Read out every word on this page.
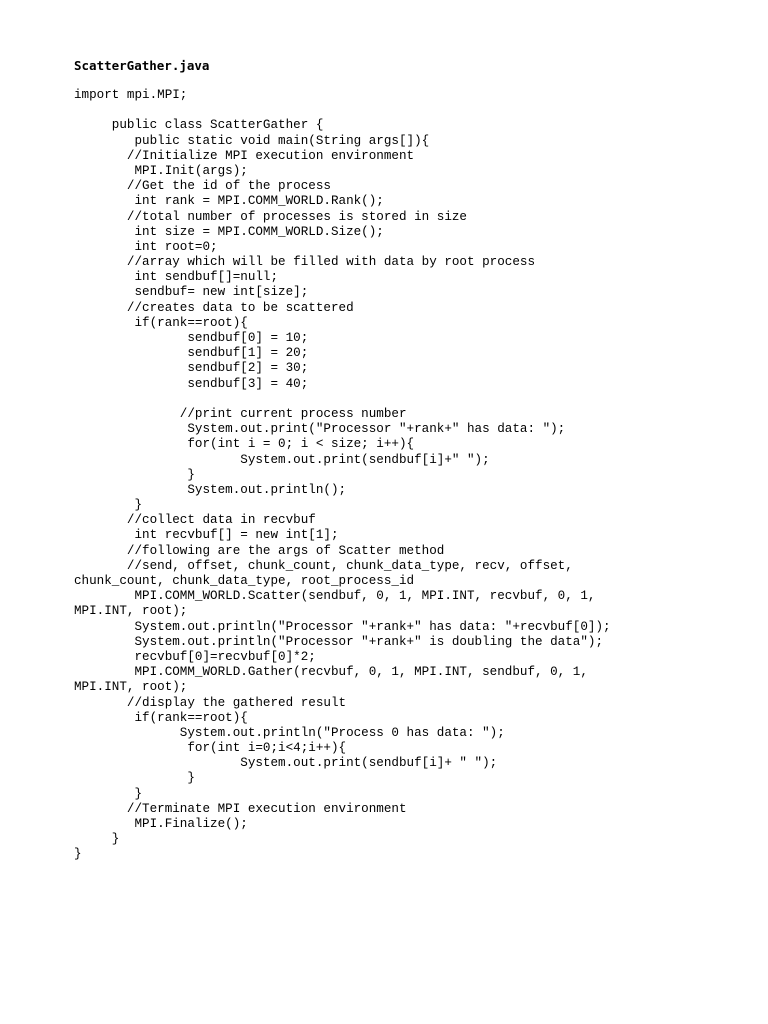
ScatterGather.java
import mpi.MPI;
public class ScatterGather {
public static void main(String args[]){
//Initialize MPI execution environment
MPI.Init(args);
//Get the id of the process
int rank = MPI.COMM_WORLD.Rank();
//total number of processes is stored in size
int size = MPI.COMM_WORLD.Size();
int root=0;
//array which will be filled with data by root process
int sendbuf[]=null;
sendbuf= new int[size];
//creates data to be scattered
if(rank==root){
sendbuf[0] = 10;
sendbuf[1] = 20;
sendbuf[2] = 30;
sendbuf[3] = 40;
//print current process number
System.out.print("Processor "+rank+" has data: ");
for(int i = 0; i < size; i++){
System.out.print(sendbuf[i]+" ");
}
System.out.println();
}
//collect data in recvbuf
int recvbuf[] = new int[1];
//following are the args of Scatter method
//send, offset, chunk_count, chunk_data_type, recv, offset,
chunk_count, chunk_data_type, root_process_id
MPI.COMM_WORLD.Scatter(sendbuf, 0, 1, MPI.INT, recvbuf, 0, 1,
MPI.INT, root);
System.out.println("Processor "+rank+" has data: "+recvbuf[0]);
System.out.println("Processor "+rank+" is doubling the data");
recvbuf[0]=recvbuf[0]*2;
MPI.COMM_WORLD.Gather(recvbuf, 0, 1, MPI.INT, sendbuf, 0, 1,
MPI.INT, root);
//display the gathered result
if(rank==root){
System.out.println("Process 0 has data: ");
for(int i=0;i<4;i++){
System.out.print(sendbuf[i]+ " ");
}
}
//Terminate MPI execution environment
MPI.Finalize();
}
}
